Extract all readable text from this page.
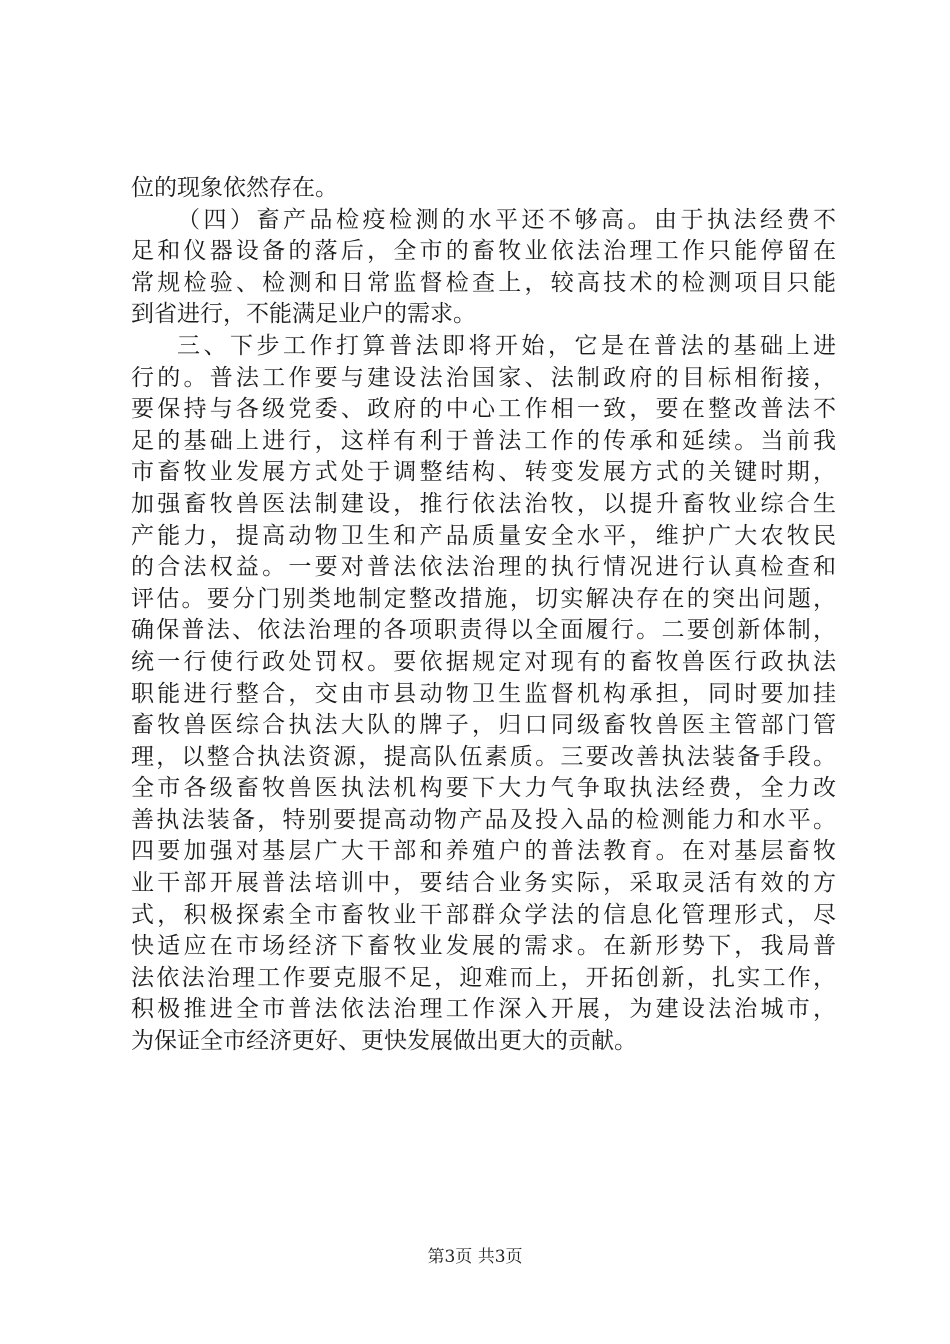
位的现象依然存在。
（四）畜产品检疫检测的水平还不够高。由于执法经费不
足和仪器设备的落后，全市的畜牧业依法治理工作只能停留在
常规检验、检测和日常监督检查上，较高技术的检测项目只能
到省进行，不能满足业户的需求。
三、下步工作打算普法即将开始，它是在普法的基础上进
行的。普法工作要与建设法治国家、法制政府的目标相衔接，
要保持与各级党委、政府的中心工作相一致，要在整改普法不
足的基础上进行，这样有利于普法工作的传承和延续。当前我
市畜牧业发展方式处于调整结构、转变发展方式的关键时期，
加强畜牧兽医法制建设，推行依法治牧，以提升畜牧业综合生
产能力，提高动物卫生和产品质量安全水平，维护广大农牧民
的合法权益。一要对普法依法治理的执行情况进行认真检查和
评估。要分门别类地制定整改措施，切实解决存在的突出问题，
确保普法、依法治理的各项职责得以全面履行。二要创新体制，
统一行使行政处罚权。要依据规定对现有的畜牧兽医行政执法
职能进行整合，交由市县动物卫生监督机构承担，同时要加挂
畜牧兽医综合执法大队的牌子，归口同级畜牧兽医主管部门管
理，以整合执法资源，提高队伍素质。三要改善执法装备手段。
全市各级畜牧兽医执法机构要下大力气争取执法经费，全力改
善执法装备，特别要提高动物产品及投入品的检测能力和水平。
四要加强对基层广大干部和养殖户的普法教育。在对基层畜牧
业干部开展普法培训中，要结合业务实际，采取灵活有效的方
式，积极探索全市畜牧业干部群众学法的信息化管理形式，尽
快适应在市场经济下畜牧业发展的需求。在新形势下，我局普
法依法治理工作要克服不足，迎难而上，开拓创新，扎实工作，
积极推进全市普法依法治理工作深入开展，为建设法治城市，
为保证全市经济更好、更快发展做出更大的贡献。
第3页 共3页
